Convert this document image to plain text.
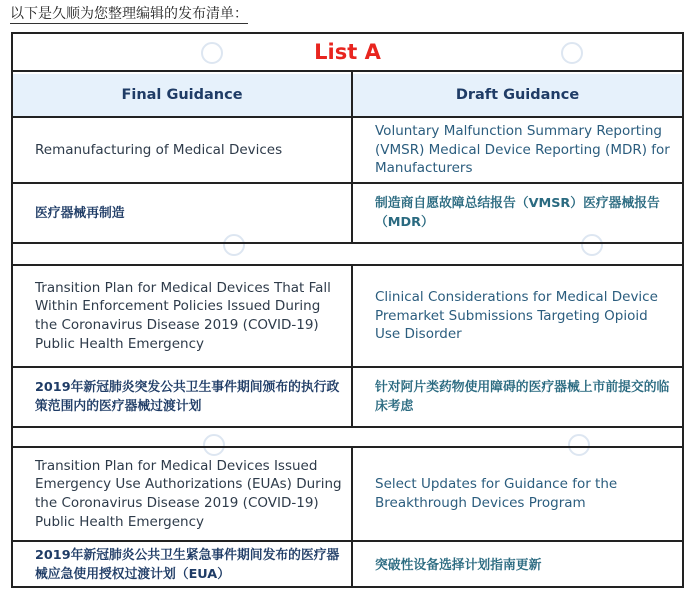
以下是久顺为您整理编辑的发布清单：
List A
Final Guidance	Draft Guidance
Remanufacturing of Medical Devices
Voluntary Malfunction Summary Reporting (VMSR) Medical Device Reporting (MDR) for Manufacturers
医疗器械再制造
制造商自愿故障总结报告（VMSR）医疗器械报告（MDR）
Transition Plan for Medical Devices That Fall Within Enforcement Policies Issued During the Coronavirus Disease 2019 (COVID-19) Public Health Emergency
Clinical Considerations for Medical Device Premarket Submissions Targeting Opioid Use Disorder
2019年新冠肺炎突发公共卫生事件期间颁布的执行政策范围内的医疗器械过渡计划
针对阿片类药物使用障碍的医疗器械上市前提交的临床考虑
Transition Plan for Medical Devices Issued Emergency Use Authorizations (EUAs) During the Coronavirus Disease 2019 (COVID-19) Public Health Emergency
Select Updates for Guidance for the Breakthrough Devices Program
2019年新冠肺炎公共卫生紧急事件期间发布的医疗器械应急使用授权过渡计划（EUA）
突破性设备选择计划指南更新
